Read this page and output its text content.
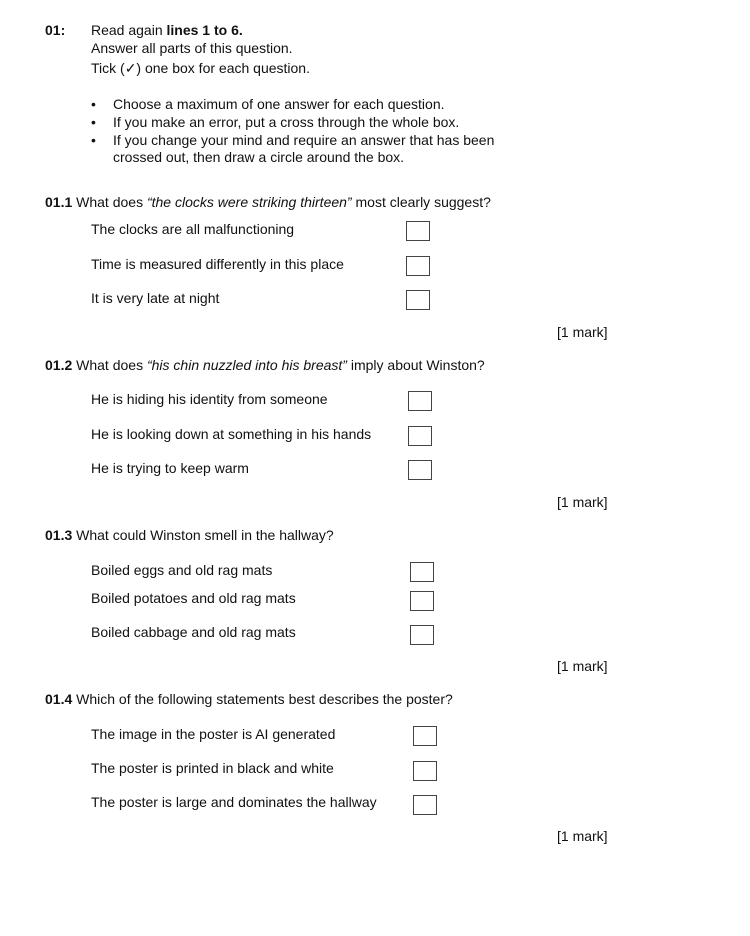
01: Read again lines 1 to 6.
Answer all parts of this question.
Tick (✓) one box for each question.
• Choose a maximum of one answer for each question.
• If you make an error, put a cross through the whole box.
• If you change your mind and require an answer that has been
crossed out, then draw a circle around the box.
01.1 What does “the clocks were striking thirteen” most clearly suggest?
The clocks are all malfunctioning
Time is measured differently in this place
It is very late at night
[1 mark]
01.2 What does “his chin nuzzled into his breast” imply about Winston?
He is hiding his identity from someone
He is looking down at something in his hands
He is trying to keep warm
[1 mark]
01.3 What could Winston smell in the hallway?
Boiled eggs and old rag mats
Boiled potatoes and old rag mats
Boiled cabbage and old rag mats
[1 mark]
01.4 Which of the following statements best describes the poster?
The image in the poster is AI generated
The poster is printed in black and white
The poster is large and dominates the hallway
[1 mark]
